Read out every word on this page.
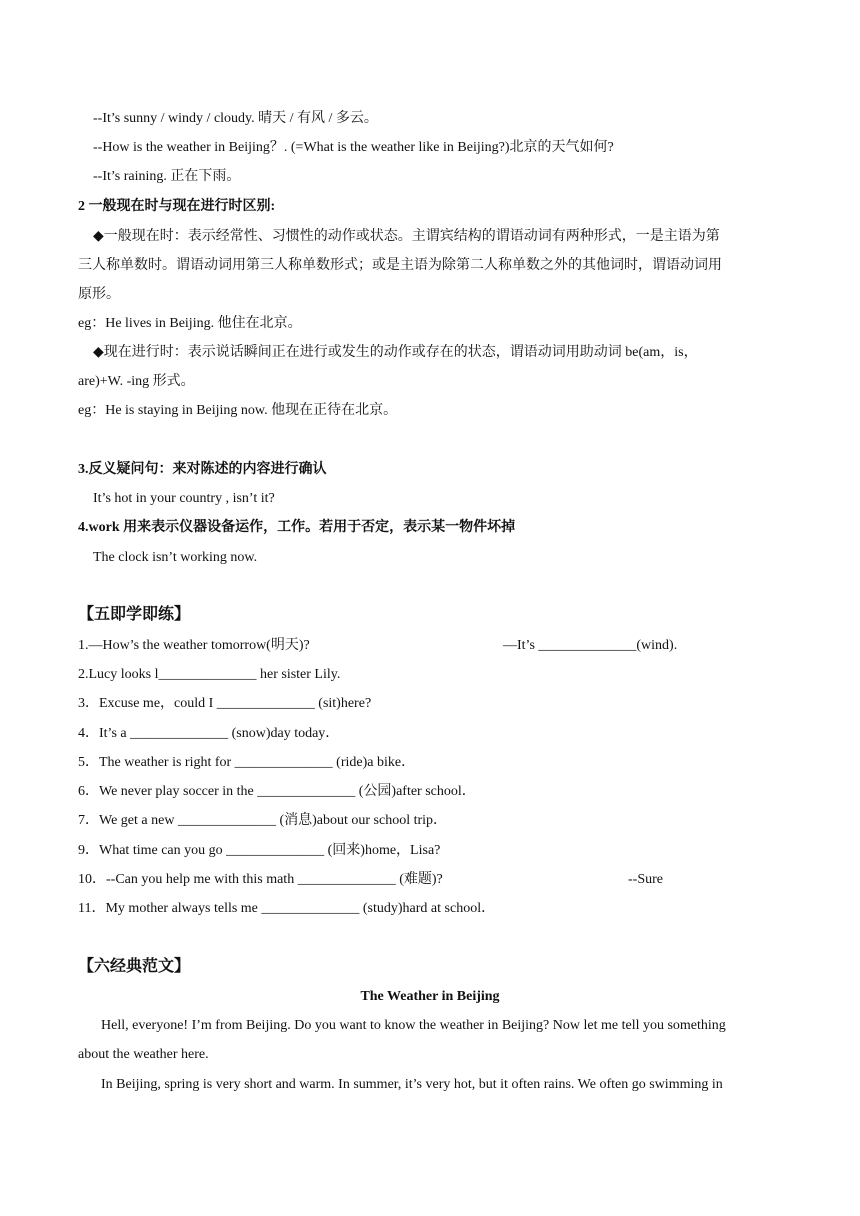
--It’s sunny / windy / cloudy. 晴天 / 有风 / 多云。
--How is the weather in Beijing？. (=What is the weather like in Beijing?)北京的天气如何?
--It’s raining. 正在下雨。
2 一般现在时与现在进行时区别:
◆一般现在时：表示经常性、习惯性的动作或状态。主谓宾结构的谓语动词有两种形式，一是主语为第
三人称单数时。谓语动词用第三人称单数形式；或是主语为除第二人称单数之外的其他词时，谓语动词用
原形。
eg：He lives in Beijing. 他住在北京。
◆现在进行时：表示说话瞬间正在进行或发生的动作或存在的状态，谓语动词用助动词 be(am，is，
are)+W. -ing 形式。
eg：He is staying in Beijing now. 他现在正待在北京。
3.反义疑问句：来对陈述的内容进行确认
It’s hot in your country , isn’t it?
4.work 用来表示仪器设备运作，工作。若用于否定，表示某一物件坏掉
The clock isn’t working now.
【五即学即练】
1.—How’s the weather tomorrow(明天)?	—It’s ______________(wind).
2.Lucy looks l______________ her sister Lily.
3．Excuse me，could I ______________ (sit)here?
4．It’s a ______________ (snow)day today．
5．The weather is right for ______________ (ride)a bike．
6．We never play soccer in the ______________ (公园)after school．
7．We get a new ______________ (消息)about our school trip．
9．What time can you go ______________ (回来)home，Lisa?
10．--Can you help me with this math ______________ (难题)?	--Sure
11．My mother always tells me ______________ (study)hard at school．
【六经典范文】
The Weather in Beijing
Hell, everyone! I’m from Beijing. Do you want to know the weather in Beijing? Now let me tell you something
about the weather here.
In Beijing, spring is very short and warm. In summer, it’s very hot, but it often rains. We often go swimming in
